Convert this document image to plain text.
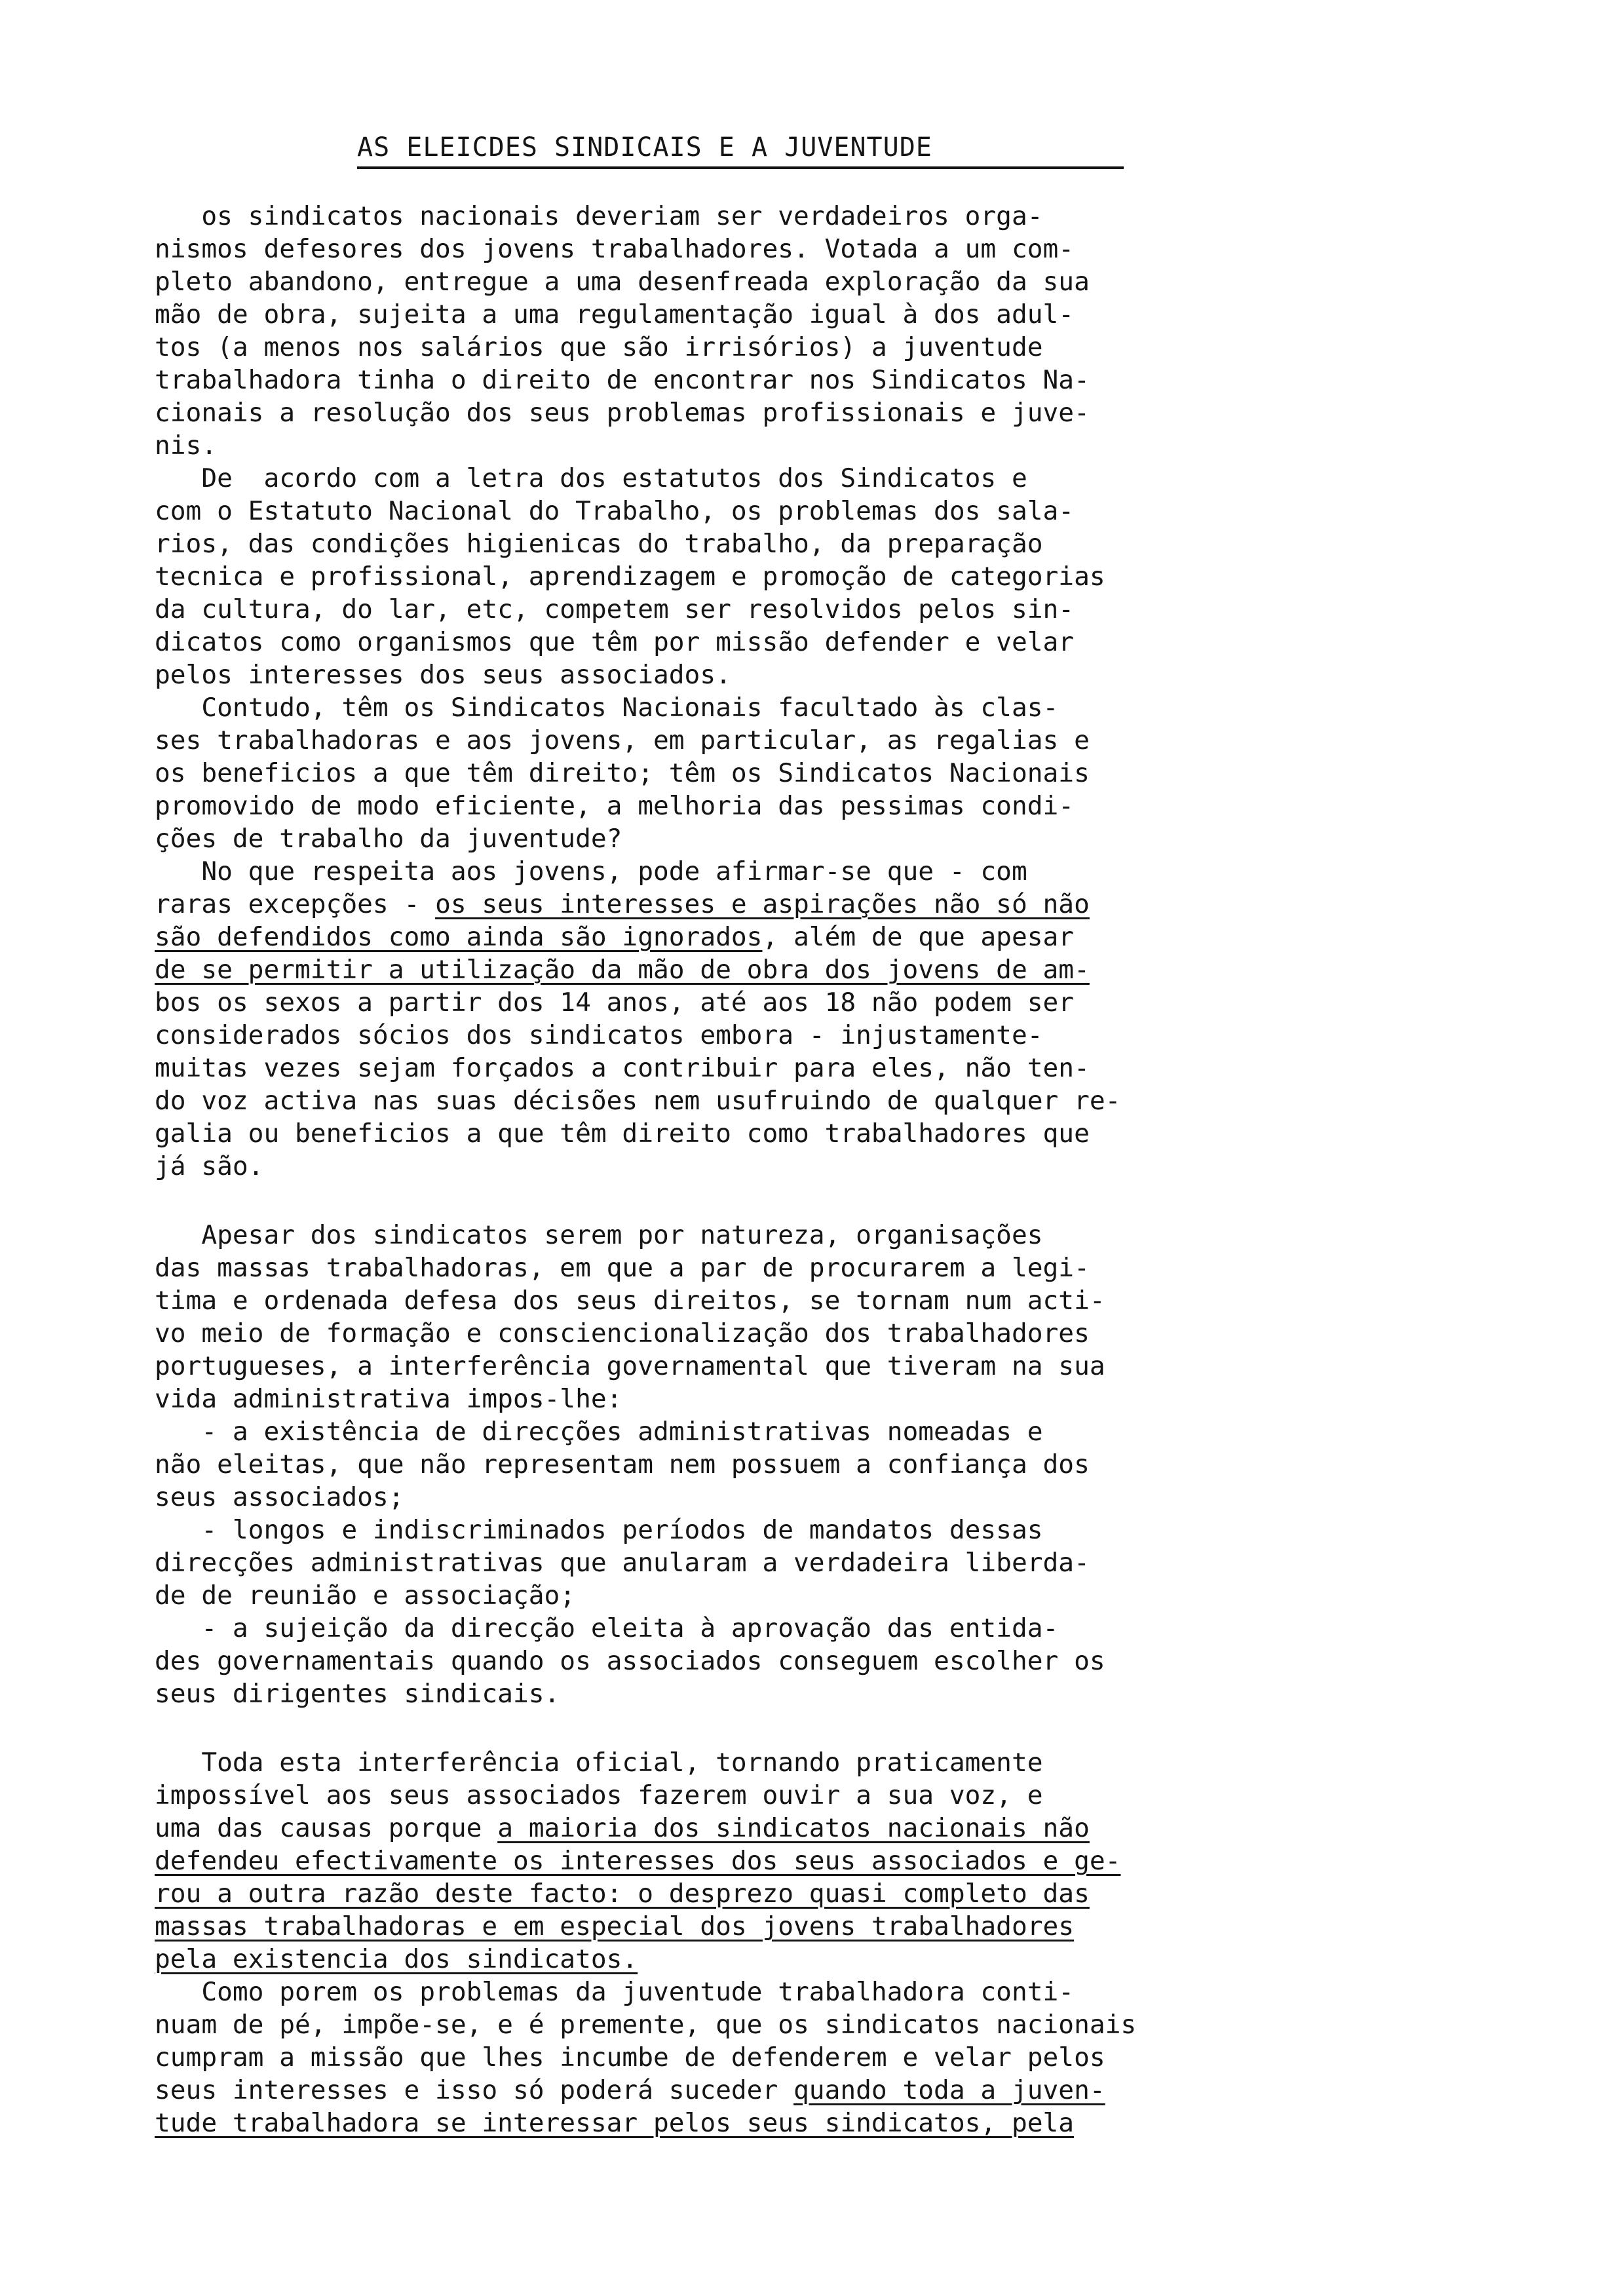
AS ELEICDES SINDICAIS E A JUVENTUDE
os sindicatos nacionais deveriam ser verdadeiros orga-
nismos defesores dos jovens trabalhadores. Votada a um com-
pleto abandono, entregue a uma desenfreada exploração da sua
mão de obra, sujeita a uma regulamentação igual à dos adul-
tos (a menos nos salários que são irrisórios) a juventude
trabalhadora tinha o direito de encontrar nos Sindicatos Na-
cionais a resolução dos seus problemas profissionais e juve-
nis.
De  acordo com a letra dos estatutos dos Sindicatos e
com o Estatuto Nacional do Trabalho, os problemas dos sala-
rios, das condições higienicas do trabalho, da preparação
tecnica e profissional, aprendizagem e promoção de categorias
da cultura, do lar, etc, competem ser resolvidos pelos sin-
dicatos como organismos que têm por missão defender e velar
pelos interesses dos seus associados.
Contudo, têm os Sindicatos Nacionais facultado às clas-
ses trabalhadoras e aos jovens, em particular, as regalias e
os beneficios a que têm direito; têm os Sindicatos Nacionais
promovido de modo eficiente, a melhoria das pessimas condi-
ções de trabalho da juventude?
No que respeita aos jovens, pode afirmar-se que - com
raras excepções - os seus interesses e aspirações não só não
são defendidos como ainda são ignorados, além de que apesar
de se permitir a utilização da mão de obra dos jovens de am-
bos os sexos a partir dos 14 anos, até aos 18 não podem ser
considerados sócios dos sindicatos embora - injustamente-
muitas vezes sejam forçados a contribuir para eles, não ten-
do voz activa nas suas décisões nem usufruindo de qualquer re-
galia ou beneficios a que têm direito como trabalhadores que
já são.
Apesar dos sindicatos serem por natureza, organisações
das massas trabalhadoras, em que a par de procurarem a legi-
tima e ordenada defesa dos seus direitos, se tornam num acti-
vo meio de formação e consciencionalização dos trabalhadores
portugueses, a interferência governamental que tiveram na sua
vida administrativa impos-lhe:
- a existência de direcções administrativas nomeadas e
não eleitas, que não representam nem possuem a confiança dos
seus associados;
- longos e indiscriminados períodos de mandatos dessas
direcções administrativas que anularam a verdadeira liberda-
de de reunião e associação;
- a sujeição da direcção eleita à aprovação das entida-
des governamentais quando os associados conseguem escolher os
seus dirigentes sindicais.
Toda esta interferência oficial, tornando praticamente
impossível aos seus associados fazerem ouvir a sua voz, e
uma das causas porque a maioria dos sindicatos nacionais não
defendeu efectivamente os interesses dos seus associados e ge-
rou a outra razão deste facto: o desprezo quasi completo das
massas trabalhadoras e em especial dos jovens trabalhadores
pela existencia dos sindicatos.
Como porem os problemas da juventude trabalhadora conti-
nuam de pé, impõe-se, e é premente, que os sindicatos nacionais
cumpram a missão que lhes incumbe de defenderem e velar pelos
seus interesses e isso só poderá suceder quando toda a juven-
tude trabalhadora se interessar pelos seus sindicatos, pela
